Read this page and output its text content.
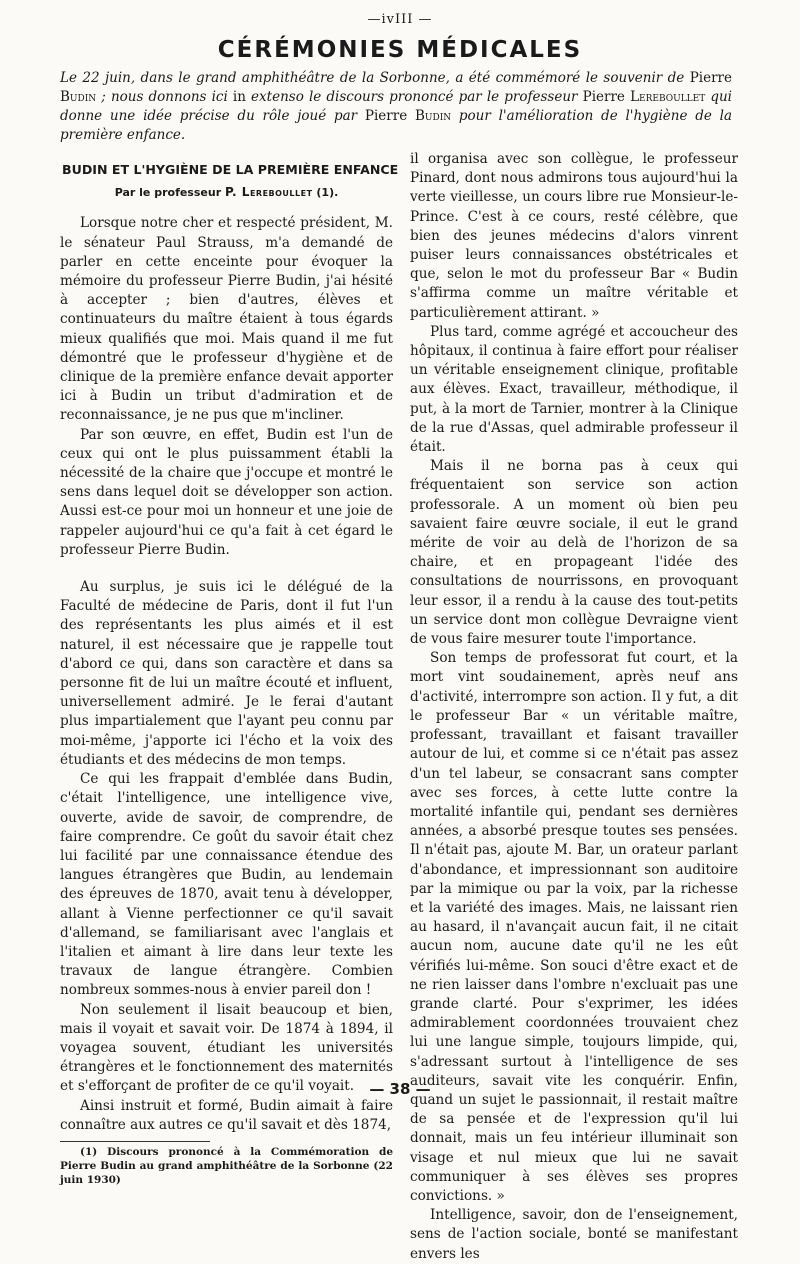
—ivIII —
CÉRÉMONIES MÉDICALES
Le 22 juin, dans le grand amphithéâtre de la Sorbonne, a été commémoré le souvenir de Pierre Budin ; nous donnons ici in extenso le discours prononcé par le professeur Pierre Lereboullet qui donne une idée précise du rôle joué par Pierre Budin pour l'amélioration de l'hygiène de la première enfance.
BUDIN ET L'HYGIÈNE DE LA PREMIÈRE ENFANCE
Par le professeur P. Lereboullet (1).

Lorsque notre cher et respecté président, M. le sénateur Paul Strauss, m'a demandé de parler en cette enceinte pour évoquer la mémoire du professeur Pierre Budin, j'ai hésité à accepter ; bien d'autres, élèves et continuateurs du maître étaient à tous égards mieux qualifiés que moi. Mais quand il me fut démontré que le professeur d'hygiène et de clinique de la première enfance devait apporter ici à Budin un tribut d'admiration et de reconnaissance, je ne pus que m'incliner.

Par son œuvre, en effet, Budin est l'un de ceux qui ont le plus puissamment établi la nécessité de la chaire que j'occupe et montré le sens dans lequel doit se développer son action. Aussi est-ce pour moi un honneur et une joie de rappeler aujourd'hui ce qu'a fait à cet égard le professeur Pierre Budin.

Au surplus, je suis ici le délégué de la Faculté de médecine de Paris, dont il fut l'un des représentants les plus aimés et il est naturel, il est nécessaire que je rappelle tout d'abord ce qui, dans son caractère et dans sa personne fit de lui un maître écouté et influent, universellement admiré. Je le ferai d'autant plus impartialement que l'ayant peu connu par moi-même, j'apporte ici l'écho et la voix des étudiants et des médecins de mon temps.

Ce qui les frappait d'emblée dans Budin, c'était l'intelligence, une intelligence vive, ouverte, avide de savoir, de comprendre, de faire comprendre. Ce goût du savoir était chez lui facilité par une connaissance étendue des langues étrangères que Budin, au lendemain des épreuves de 1870, avait tenu à développer, allant à Vienne perfectionner ce qu'il savait d'allemand, se familiarisant avec l'anglais et l'italien et aimant à lire dans leur texte les travaux de langue étrangère. Combien nombreux sommes-nous à envier pareil don !

Non seulement il lisait beaucoup et bien, mais il voyait et savait voir. De 1874 à 1894, il voyagea souvent, étudiant les universités étrangères et le fonctionnement des maternités et s'efforçant de profiter de ce qu'il voyait.

Ainsi instruit et formé, Budin aimait à faire connaître aux autres ce qu'il savait et dès 1874,

(1) Discours prononcé à la Commémoration de Pierre Budin au grand amphithéâtre de la Sorbonne (22 juin 1930)

il organisa avec son collègue, le professeur Pinard, dont nous admirons tous aujourd'hui la verte vieillesse, un cours libre rue Monsieur-le-Prince. C'est à ce cours, resté célèbre, que bien des jeunes médecins d'alors vinrent puiser leurs connaissances obstétricales et que, selon le mot du professeur Bar « Budin s'affirma comme un maître véritable et particulièrement attirant. »

Plus tard, comme agrégé et accoucheur des hôpitaux, il continua à faire effort pour réaliser un véritable enseignement clinique, profitable aux élèves. Exact, travailleur, méthodique, il put, à la mort de Tarnier, montrer à la Clinique de la rue d'Assas, quel admirable professeur il était.

Mais il ne borna pas à ceux qui fréquentaient son service son action professorale. A un moment où bien peu savaient faire œuvre sociale, il eut le grand mérite de voir au delà de l'horizon de sa chaire, et en propageant l'idée des consultations de nourrissons, en provoquant leur essor, il a rendu à la cause des tout-petits un service dont mon collègue Devraigne vient de vous faire mesurer toute l'importance.

Son temps de professorat fut court, et la mort vint soudainement, après neuf ans d'activité, interrompre son action. Il y fut, a dit le professeur Bar « un véritable maître, professant, travaillant et faisant travailler autour de lui, et comme si ce n'était pas assez d'un tel labeur, se consacrant sans compter avec ses forces, à cette lutte contre la mortalité infantile qui, pendant ses dernières années, a absorbé presque toutes ses pensées. Il n'était pas, ajoute M. Bar, un orateur parlant d'abondance, et impressionnant son auditoire par la mimique ou par la voix, par la richesse et la variété des images. Mais, ne laissant rien au hasard, il n'avançait aucun fait, il ne citait aucun nom, aucune date qu'il ne les eût vérifiés lui-même. Son souci d'être exact et de ne rien laisser dans l'ombre n'excluait pas une grande clarté. Pour s'exprimer, les idées admirablement coordonnées trouvaient chez lui une langue simple, toujours limpide, qui, s'adressant surtout à l'intelligence de ses auditeurs, savait vite les conquérir. Enfin, quand un sujet le passionnait, il restait maître de sa pensée et de l'expression qu'il lui donnait, mais un feu intérieur illuminait son visage et nul mieux que lui ne savait communiquer à ses élèves ses propres convictions. »

Intelligence, savoir, don de l'enseignement, sens de l'action sociale, bonté se manifestant envers les

— 38 —
